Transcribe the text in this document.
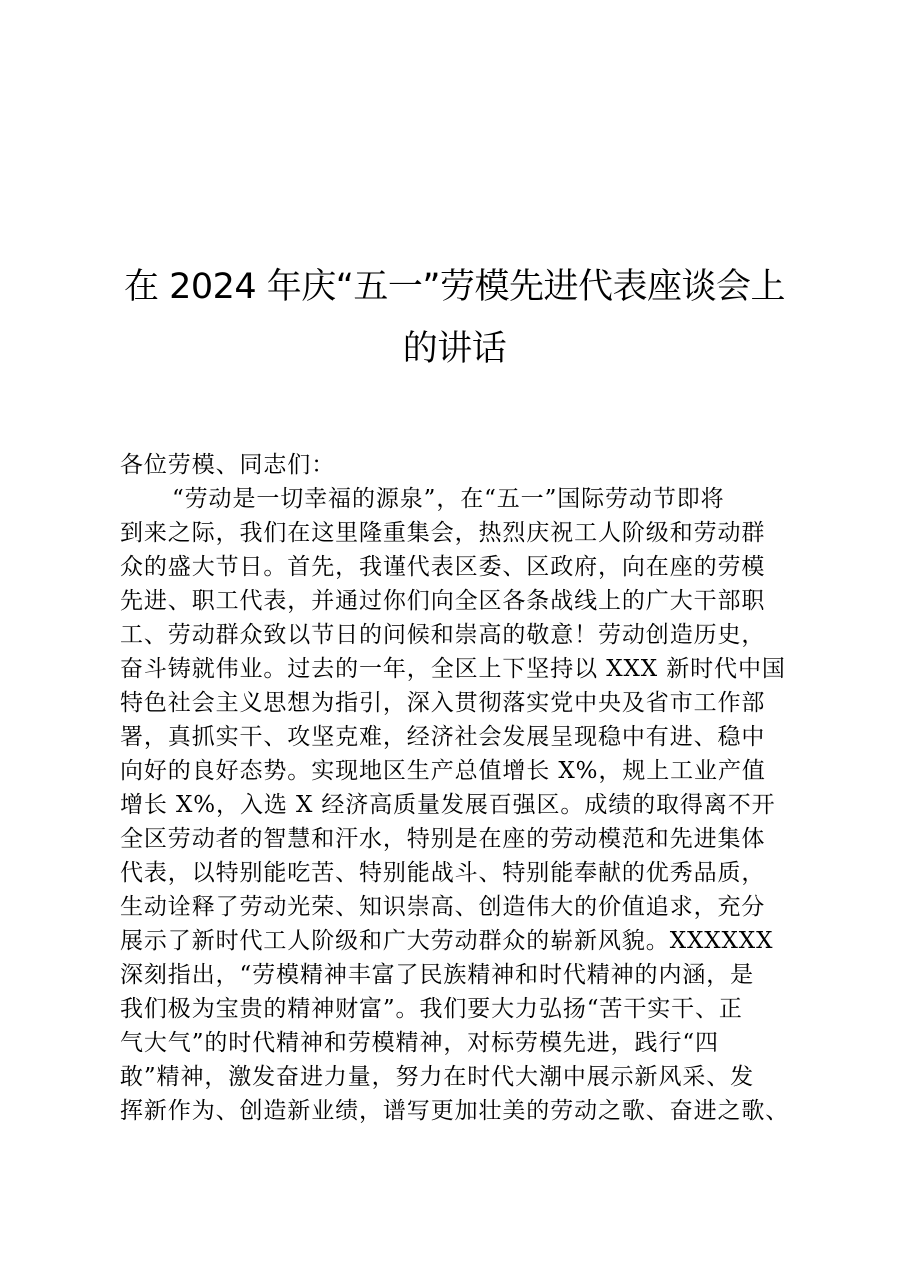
在 2024 年庆“五一”劳模先进代表座谈会上
的讲话

各位劳模、同志们：

“劳动是一切幸福的源泉”，在“五一”国际劳动节即将

到来之际，我们在这里隆重集会，热烈庆祝工人阶级和劳动群

众的盛大节日。首先，我谨代表区委、区政府，向在座的劳模

先进、职工代表，并通过你们向全区各条战线上的广大干部职

工、劳动群众致以节日的问候和崇高的敬意！劳动创造历史，

奋斗铸就伟业。过去的一年，全区上下坚持以 XXX 新时代中国

特色社会主义思想为指引，深入贯彻落实党中央及省市工作部

署，真抓实干、攻坚克难，经济社会发展呈现稳中有进、稳中

向好的良好态势。实现地区生产总值增长 X%，规上工业产值

增长 X%，入选 X 经济高质量发展百强区。成绩的取得离不开

全区劳动者的智慧和汗水，特别是在座的劳动模范和先进集体

代表，以特别能吃苦、特别能战斗、特别能奉献的优秀品质，

生动诠释了劳动光荣、知识崇高、创造伟大的价值追求，充分

展示了新时代工人阶级和广大劳动群众的崭新风貌。XXXXXX

深刻指出，“劳模精神丰富了民族精神和时代精神的内涵，是

我们极为宝贵的精神财富”。我们要大力弘扬“苦干实干、正

气大气”的时代精神和劳模精神，对标劳模先进，践行“四

敢”精神，激发奋进力量，努力在时代大潮中展示新风采、发

挥新作为、创造新业绩，谱写更加壮美的劳动之歌、奋进之歌、
